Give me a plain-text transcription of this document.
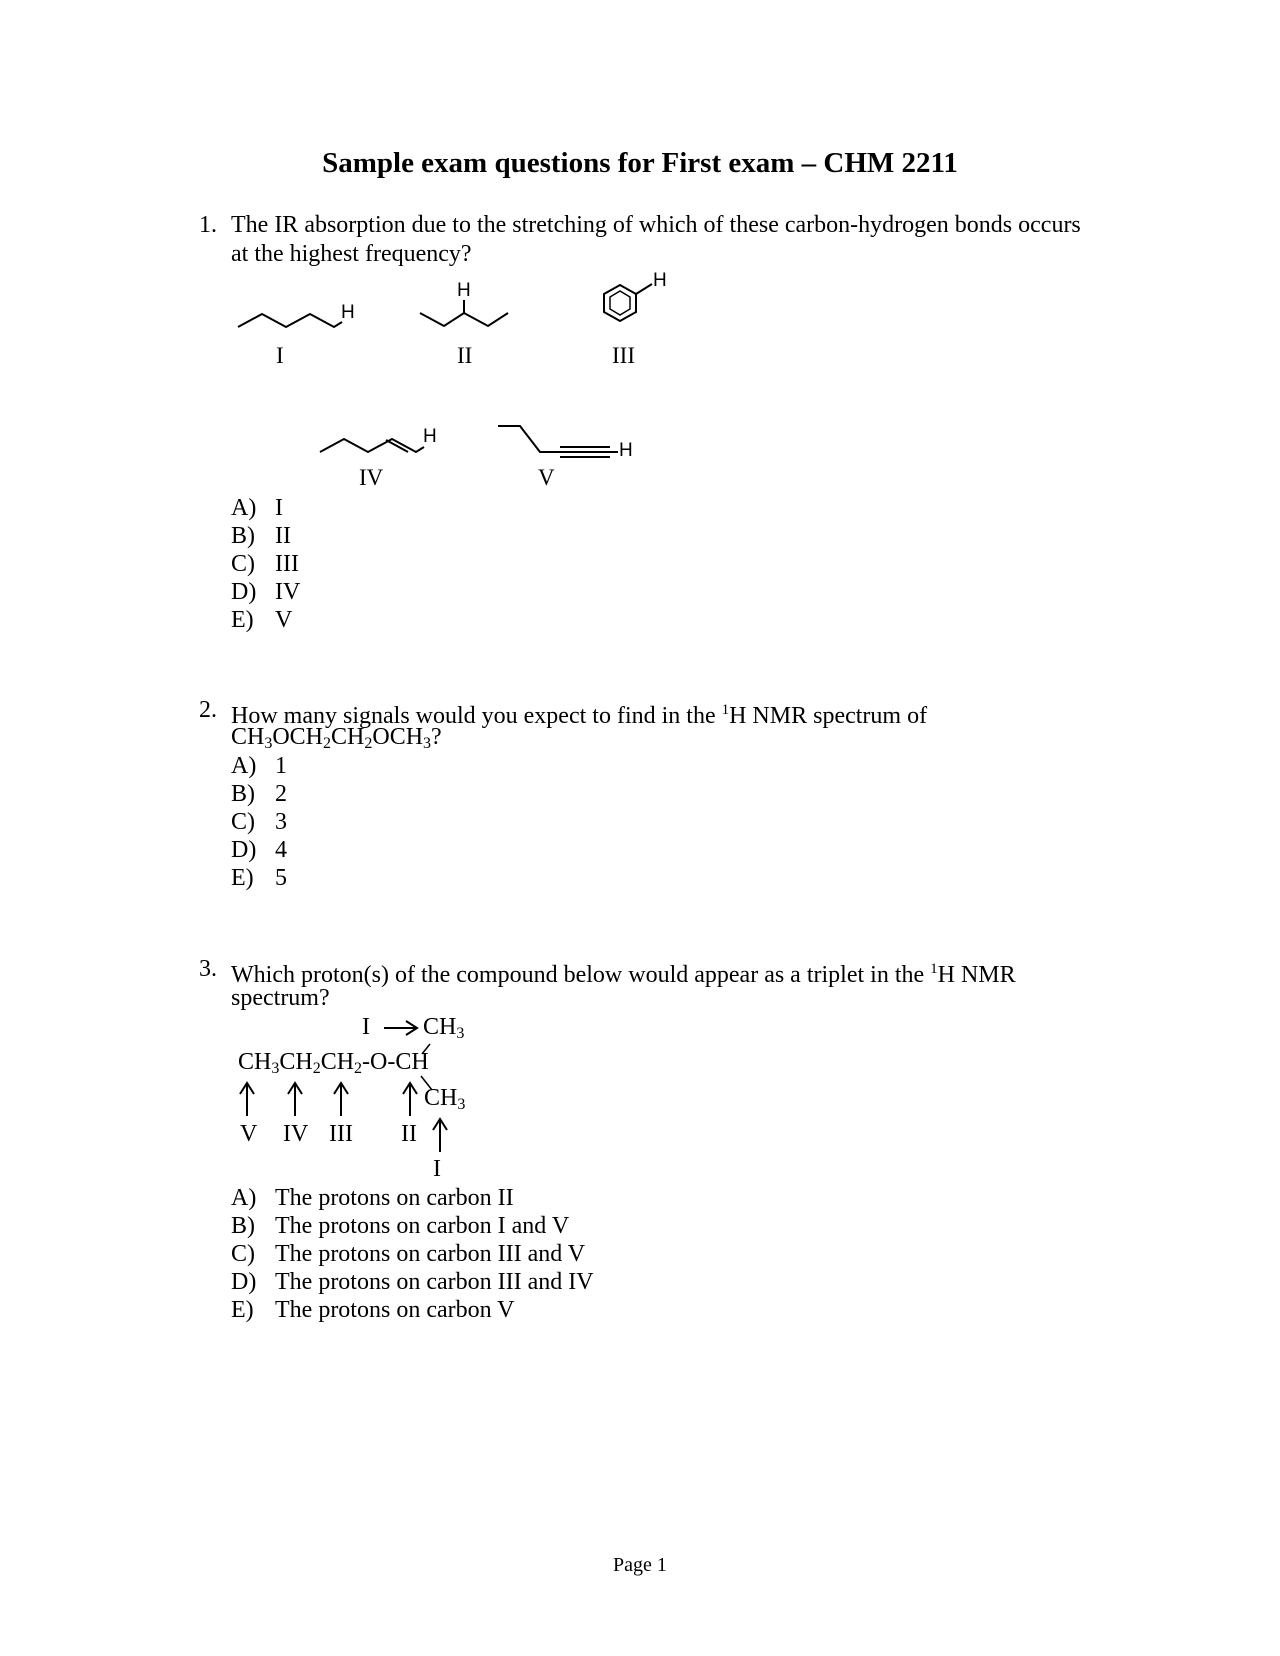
Sample exam questions for First exam – CHM 2211
1. The IR absorption due to the stretching of which of these carbon-hydrogen bonds occurs
at the highest frequency?
H
I
H
II
H
III
H
IV
H
V
A) I
B) II
C) III
D) IV
E) V
2. How many signals would you expect to find in the $^1$H NMR spectrum of
$CH_3OCH_2CH_2OCH_3$?
A) 1
B) 2
C) 3
D) 4
E) 5
3. Which proton(s) of the compound below would appear as a triplet in the $^1$H NMR
spectrum?
I $CH_3$
$CH_3CH_2CH_2-O-CH$
$CH_3$
V IV III II
I
A) The protons on carbon II
B) The protons on carbon I and V
C) The protons on carbon III and V
D) The protons on carbon III and IV
E) The protons on carbon V
Page 1
